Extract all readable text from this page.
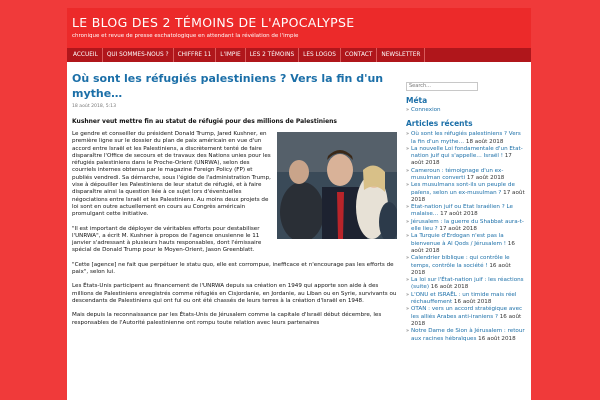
LE BLOG DES 2 TÉMOINS DE L'APOCALYPSE
chronique et revue de presse eschatologique en attendant la révélation de l'impie
ACCUEIL	QUI SOMMES-NOUS ?	CHIFFRE 11	L'IMPIE	LES 2 TÉMOINS	LES LOGOS	CONTACT	NEWSLETTER
Où sont les réfugiés palestiniens ? Vers la fin d'un mythe…
18 août 2018, 5:13
Kushner veut mettre fin au statut de réfugié pour des millions de Palestiniens

Le gendre et conseiller du président Donald Trump, Jared Kushner, en première ligne sur le dossier du plan de paix américain en vue d'un accord entre Israël et les Palestiniens, a discrètement tenté de faire disparaître l'Office de secours et de travaux des Nations unies pour les réfugiés palestiniens dans le Proche-Orient (UNRWA), selon des courriels internes obtenus par le magazine Foreign Policy (FP) et publiés vendredi. Sa démarche, sous l'égide de l'administration Trump, vise à dépouiller les Palestiniens de leur statut de réfugié, et à faire disparaître ainsi la question liée à ce sujet lors d'éventuelles négociations entre Israël et les Palestiniens. Au moins deux projets de loi sont en outre actuellement en cours au Congrès américain promulgant cette initiative.

"Il est important de déployer de véritables efforts pour destabiliser l'UNRWA", a écrit M. Kushner à propos de l'agence onusienne le 11 janvier s'adressant à plusieurs hauts responsables, dont l'émissaire spécial de Donald Trump pour le Moyen-Orient, Jason Greenblatt.

"Cette [agence] ne fait que perpétuer le statu quo, elle est corrompue, inefficace et n'encourage pas les efforts de paix", selon lui.

Les États-Unis participent au financement de l'UNRWA depuis sa création en 1949 qui apporte son aide à des millions de Palestiniens enregistrés comme réfugiés en Cisjordanie, en Jordanie, au Liban ou en Syrie, survivants ou descendants de Palestiniens qui ont fui ou ont été chassés de leurs terres à la création d'Israël en 1948.

Mais depuis la reconnaissance par les États-Unis de Jérusalem comme la capitale d'Israël début décembre, les responsables de l'Autorité palestinienne ont rompu toute relation avec leurs partenaires

Search...
Méta
» Connexion
Articles récents
» Où sont les réfugiés palestiniens ? Vers la fin d'un mythe… 18 août 2018
» La nouvelle Loi fondamentale d'un Etat-nation juif qui s'appelle… Israël ! 17 août 2018
» Cameroun : témoignage d'un ex-musulman converti 17 août 2018
» Les musulmans sont-ils un peuple de païens, selon un ex-musulman ? 17 août 2018
» Etat-nation juif ou Etat Israélien ? Le malaise… 17 août 2018
» Jérusalem : la guerre du Shabbat aura-t-elle lieu ? 17 août 2018
» La Turquie d'Erdogan n'est pas la bienvenue à Al Qods / Jérusalem ! 16 août 2018
» Calendrier biblique : qui contrôle le temps, contrôle la société ! 16 août 2018
» La loi sur l'État-nation juif : les réactions (suite) 16 août 2018
» L'ONU et ISRAËL : un timide mais réel réchauffement 16 août 2018
» OTAN : vers un accord stratégique avec les alliés Arabes anti-iraniens ? 16 août 2018
» Notre Dame de Sion à Jérusalem : retour aux racines hébraïques 16 août 2018
